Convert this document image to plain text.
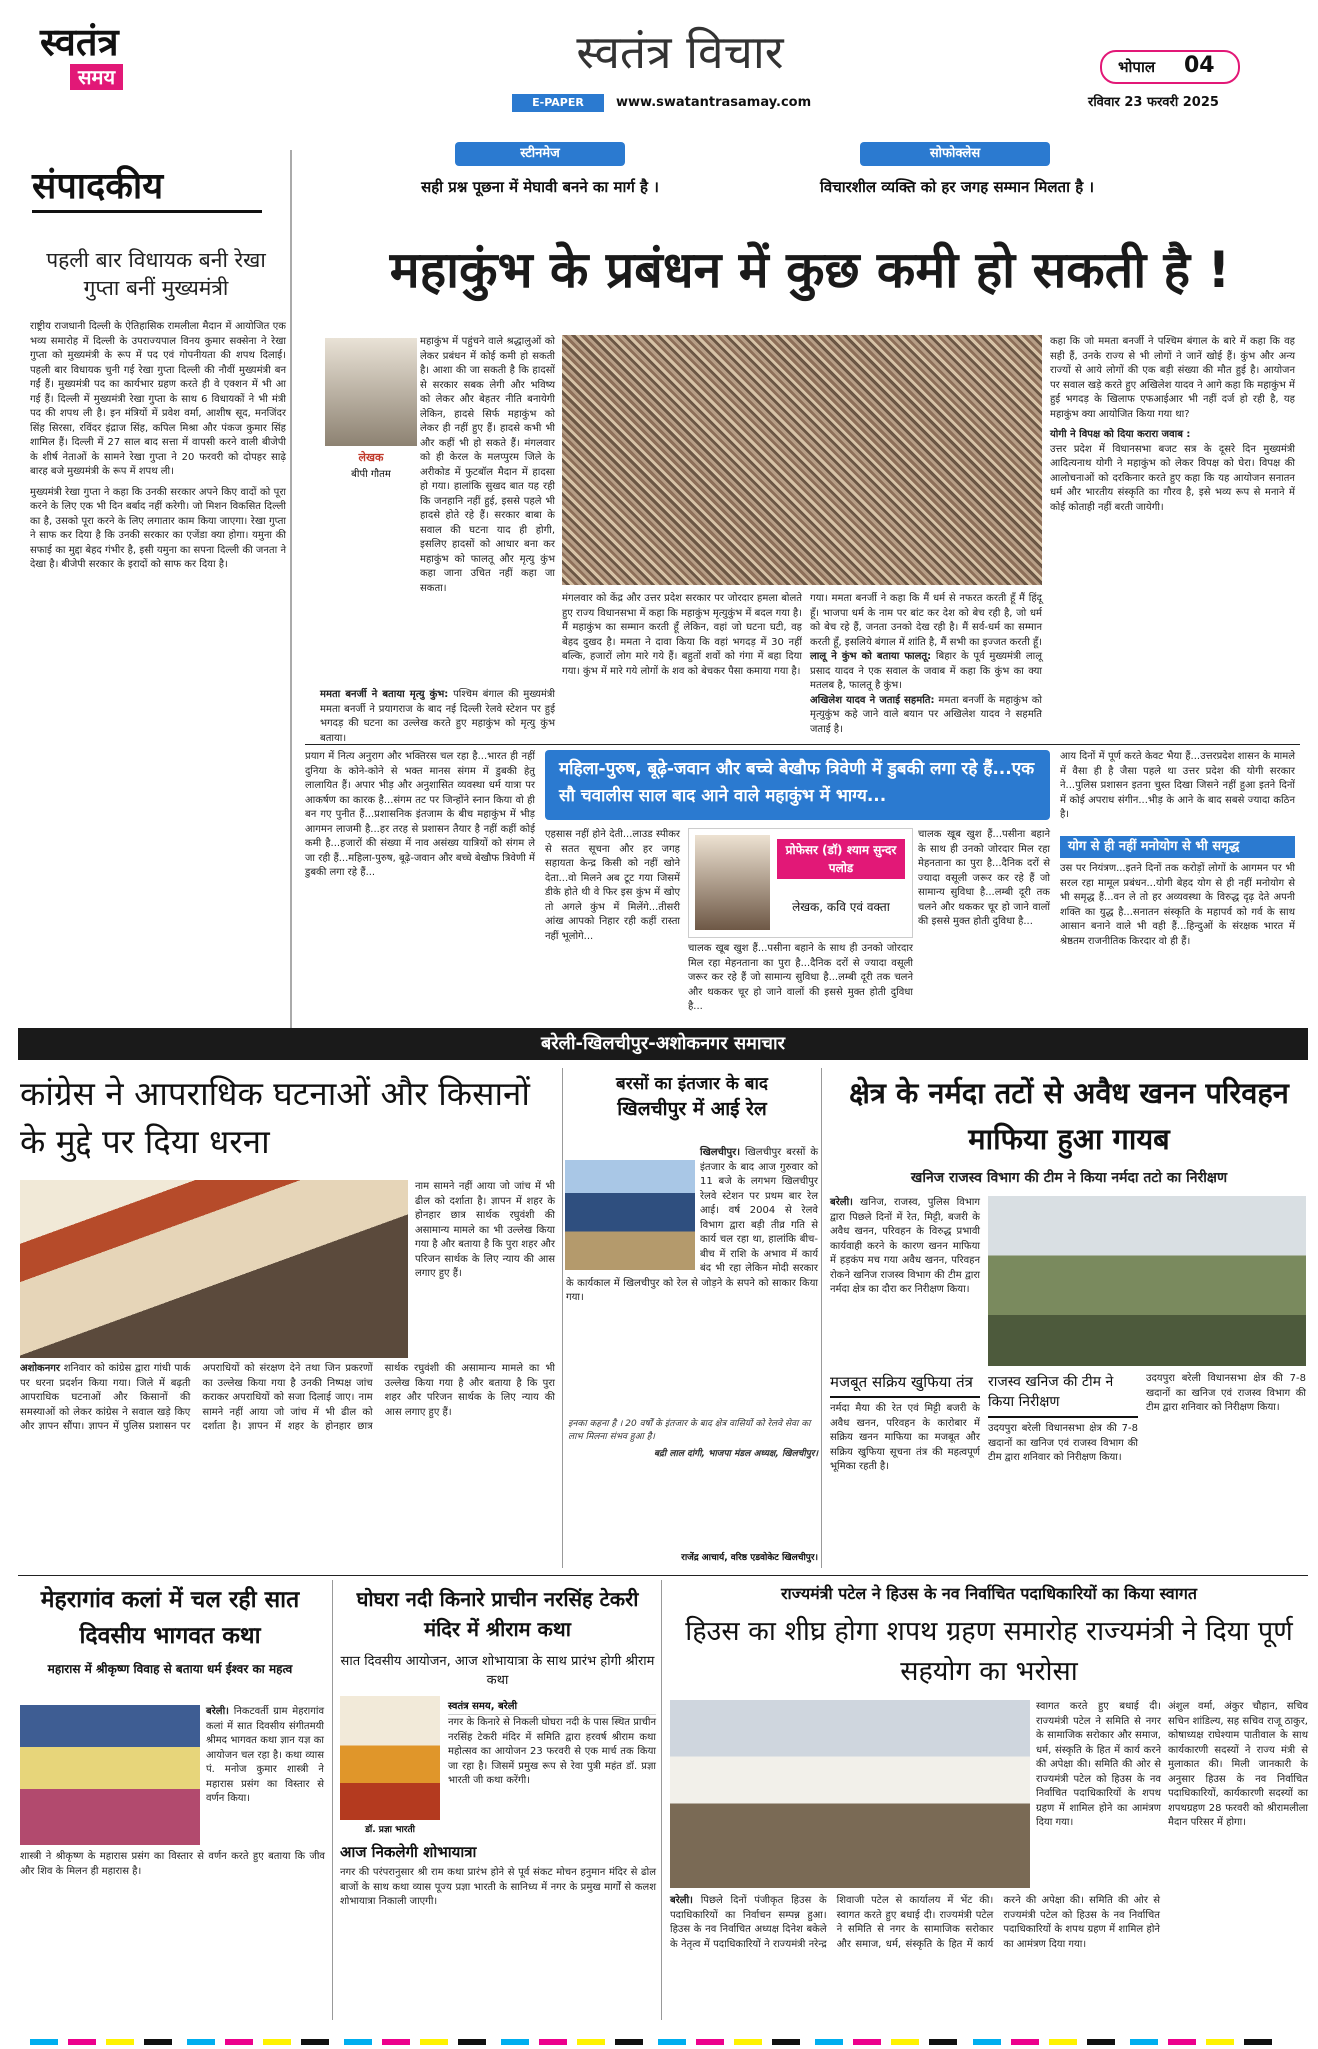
स्वतंत्र
समय	स्वतंत्र विचार
E-PAPER	www.swatantrasamay.com
भोपाल 04
रविवार 23 फरवरी 2025
संपादकीय
पहली बार विधायक बनी रेखा गुप्ता बनीं मुख्यमंत्री

राष्ट्रीय राजधानी दिल्ली के ऐतिहासिक रामलीला मैदान में आयोजित एक भव्य समारोह में दिल्ली के उपराज्यपाल विनय कुमार सक्सेना ने रेखा गुप्ता को मुख्यमंत्री के रूप में पद एवं गोपनीयता की शपथ दिलाई। पहली बार विधायक चुनी गई रेखा गुप्ता दिल्ली की नौवीं मुख्यमंत्री बन गईं हैं। मुख्यमंत्री पद का कार्यभार ग्रहण करते ही वे एक्शन में भी आ गई हैं। दिल्ली में मुख्यमंत्री रेखा गुप्ता के साथ 6 विधायकों ने भी मंत्री पद की शपथ ली है। इन मंत्रियों में प्रवेश वर्मा, आशीष सूद, मनजिंदर सिंह सिरसा, रविंदर इंद्राज सिंह, कपिल मिश्रा और पंकज कुमार सिंह शामिल हैं। दिल्ली में 27 साल बाद सत्ता में वापसी करने वाली बीजेपी के शीर्ष नेताओं के सामने रेखा गुप्ता ने 20 फरवरी को दोपहर साढ़े बारह बजे मुख्यमंत्री के रूप में शपथ ली।

मुख्यमंत्री रेखा गुप्ता ने कहा कि उनकी सरकार अपने किए वादों को पूरा करने के लिए एक भी दिन बर्बाद नहीं करेगी। जो मिशन विकसित दिल्ली का है, उसको पूरा करने के लिए लगातार काम किया जाएगा। रेखा गुप्ता ने साफ कर दिया है कि उनकी सरकार का एजेंडा क्या होगा। यमुना की सफाई का मुद्दा बेहद गंभीर है, इसी यमुना का सपना दिल्ली की जनता ने देखा है। बीजेपी सरकार के इरादों को साफ कर दिया है।

स्टीनमेज
सही प्रश्न पूछना में मेघावी बनने का मार्ग है ।
सोफोक्लेस
विचारशील व्यक्ति को हर जगह सम्मान मिलता है ।
महाकुंभ के प्रबंधन में कुछ कमी हो सकती है !
लेखक
बीपी गौतम
महाकुंभ में पहुंचने वाले श्रद्धालुओं को लेकर प्रबंधन में कोई कमी हो सकती है। आशा की जा सकती है कि हादसों से सरकार सबक लेगी और भविष्य को लेकर और बेहतर नीति बनायेगी लेकिन, हादसे सिर्फ महाकुंभ को लेकर ही नहीं हुए हैं। हादसे कभी भी और कहीं भी हो सकते हैं। मंगलवार को ही केरल के मलप्पुरम जिले के अरीकोड में फुटबॉल मैदान में हादसा हो गया। हालांकि सुखद बात यह रही कि जनहानि नहीं हुई, इससे पहले भी हादसे होते रहे हैं। सरकार बाबा के सवाल की घटना याद ही होगी, इसलिए हादसों को आधार बना कर महाकुंभ को फालतू और मृत्यु कुंभ कहा जाना उचित नहीं कहा जा सकता।
ममता बनर्जी ने बताया मृत्यु कुंभ: पश्चिम बंगाल की मुख्यमंत्री ममता बनर्जी ने प्रयागराज के बाद नई दिल्ली रेलवे स्टेशन पर हुई भगदड़ की घटना का उल्लेख करते हुए महाकुंभ को मृत्यु कुंभ बताया।
मंगलवार को केंद्र और उत्तर प्रदेश सरकार पर जोरदार हमला बोलते हुए राज्य विधानसभा में कहा कि महाकुंभ मृत्युकुंभ में बदल गया है। मैं महाकुंभ का सम्मान करती हूँ लेकिन, वहां जो घटना घटी, वह बेहद दुखद है। ममता ने दावा किया कि वहां भगदड़ में 30 नहीं बल्कि, हजारों लोग मारे गये हैं। बहुतों शवों को गंगा में बहा दिया गया। कुंभ में मारे गये लोगों के शव को बेचकर पैसा कमाया गया है।
गया। ममता बनर्जी ने कहा कि मैं धर्म से नफरत करती हूँ मैं हिंदू हूँ। भाजपा धर्म के नाम पर बांट कर देश को बेच रही है, जो धर्म को बेच रहे हैं, जनता उनको देख रही है। मैं सर्व-धर्म का सम्मान करती हूँ, इसलिये बंगाल में शांति है, मैं सभी का इज्जत करती हूँ।
लालू ने कुंभ को बताया फालतू: बिहार के पूर्व मुख्यमंत्री लालू प्रसाद यादव ने एक सवाल के जवाब में कहा कि कुंभ का क्या मतलब है, फालतू है कुंभ।
अखिलेश यादव ने जताई सहमति: ममता बनर्जी के महाकुंभ को मृत्युकुंभ कहे जाने वाले बयान पर अखिलेश यादव ने सहमति जताई है।

कहा कि जो ममता बनर्जी ने पश्चिम बंगाल के बारे में कहा कि वह सही हैं, उनके राज्य से भी लोगों ने जानें खोई हैं। कुंभ और अन्य राज्यों से आये लोगों की एक बड़ी संख्या की मौत हुई है। आयोजन पर सवाल खड़े करते हुए अखिलेश यादव ने आगे कहा कि महाकुंभ में हुई भगदड़ के खिलाफ एफआईआर भी नहीं दर्ज हो रही है, यह महाकुंभ क्या आयोजित किया गया था?

योगी ने विपक्ष को दिया करारा जवाब :

उत्तर प्रदेश में विधानसभा बजट सत्र के दूसरे दिन मुख्यमंत्री आदित्यनाथ योगी ने महाकुंभ को लेकर विपक्ष को घेरा। विपक्ष की आलोचनाओं को दरकिनार करते हुए कहा कि यह आयोजन सनातन धर्म और भारतीय संस्कृति का गौरव है, इसे भव्य रूप से मनाने में कोई कोताही नहीं बरती जायेगी।

प्रयाग में नित्य अनुराग और भक्तिरस चल रहा है...भारत ही नहीं दुनिया के कोने-कोने से भक्त मानस संगम में डुबकी हेतु लालायित हैं। अपार भीड़ और अनुशासित व्यवस्था धर्म यात्रा पर आकर्षण का कारक है...संगम तट पर जिन्होंने स्नान किया वो ही बन गए पुनीत हैं...प्रशासनिक इंतजाम के बीच महाकुंभ में भीड़ आगमन लाजमी है...हर तरह से प्रशासन तैयार है नहीं कहीं कोई कमी है...हजारों की संख्या में नाव असंख्य यात्रियों को संगम ले जा रही हैं...महिला-पुरुष, बूढ़े-जवान और बच्चे बेखौफ त्रिवेणी में डुबकी लगा रहे हैं...
महिला-पुरुष, बूढ़े-जवान और बच्चे बेखौफ त्रिवेणी में डुबकी लगा रहे हैं...एक सौ चवालीस साल बाद आने वाले महाकुंभ में भाग्य...
एहसास नहीं होने देती...लाउड स्पीकर से सतत सूचना और हर जगह सहायता केन्द्र किसी को नहीं खोने देता...वो मिलने अब टूट गया जिसमें डीके होते थी वे फिर इस कुंभ में खोए तो अगले कुंभ में मिलेंगे...तीसरी आंख आपको निहार रही कहीं रास्ता नहीं भूलोगे...
प्रोफेसर (डॉ) श्याम सुन्दर पलोड
लेखक, कवि एवं वक्ता
चालक खूब खुश हैं...पसीना बहाने के साथ ही उनको जोरदार मिल रहा मेहनताना का पुरा है...दैनिक दरों से ज्यादा वसूली जरूर कर रहे हैं जो सामान्य सुविधा है...लम्बी दूरी तक चलने और थककर चूर हो जाने वालों की इससे मुक्त होती दुविधा है...
चालक खूब खुश हैं...पसीना बहाने के साथ ही उनको जोरदार मिल रहा मेहनताना का पुरा है...दैनिक दरों से ज्यादा वसूली जरूर कर रहे हैं जो सामान्य सुविधा है...लम्बी दूरी तक चलने और थककर चूर हो जाने वालों की इससे मुक्त होती दुविधा है...
आय दिनों में पूर्ण करते केवट भैया हैं...उत्तरप्रदेश शासन के मामले में वैसा ही है जैसा पहले था उत्तर प्रदेश की योगी सरकार ने...पुलिस प्रशासन इतना चुस्त दिखा जिसने नहीं हुआ इतने दिनों में कोई अपराध संगीन...भीड़ के आने के बाद सबसे ज्यादा कठिन है।
योग से ही नहीं मनोयोग से भी समृद्ध
उस पर नियंत्रण...इतने दिनों तक करोड़ों लोगों के आगमन पर भी सरल रहा मामूल प्रबंधन...योगी बेहद योग से ही नहीं मनोयोग से भी समृद्ध हैं...वन ले तो हर अव्यवस्था के विरुद्ध दृढ़ देते अपनी शक्ति का युद्ध है...सनातन संस्कृति के महापर्व को गर्व के साथ आसान बनाने वाले भी वही हैं...हिन्दुओं के संरक्षक भारत में श्रेष्ठतम राजनीतिक किरदार वो ही हैं।
बरेली-खिलचीपुर-अशोकनगर समाचार
कांग्रेस ने आपराधिक घटनाओं और किसानों के मुद्दे पर दिया धरना
नाम सामने नहीं आया जो जांच में भी ढील को दर्शाता है। ज्ञापन में शहर के होनहार छात्र सार्थक रघुवंशी की असामान्य मामले का भी उल्लेख किया गया है और बताया है कि पुरा शहर और परिजन सार्थक के लिए न्याय की आस लगाए हुए हैं।
अशोकनगर शनिवार को कांग्रेस द्वारा गांधी पार्क पर धरना प्रदर्शन किया गया। जिले में बढ़ती आपराधिक घटनाओं और किसानों की समस्याओं को लेकर कांग्रेस ने सवाल खड़े किए और ज्ञापन सौंपा। ज्ञापन में पुलिस प्रशासन पर अपराधियों को संरक्षण देने तथा जिन प्रकरणों का उल्लेख किया गया है उनकी निष्पक्ष जांच कराकर अपराधियों को सजा दिलाई जाए। नाम सामने नहीं आया जो जांच में भी ढील को दर्शाता है। ज्ञापन में शहर के होनहार छात्र सार्थक रघुवंशी की असामान्य मामले का भी उल्लेख किया गया है और बताया है कि पुरा शहर और परिजन सार्थक के लिए न्याय की आस लगाए हुए हैं।
बरसों का इंतजार के बाद
खिलचीपुर में आई रेल
खिलचीपुर। खिलचीपुर बरसों के इंतजार के बाद आज गुरुवार को 11 बजे के लगभग खिलचीपुर रेलवे स्टेशन पर प्रथम बार रेल आई। वर्ष 2004 से रेलवे विभाग द्वारा बड़ी तीव्र गति से कार्य चल रहा था, हालांकि बीच-बीच में राशि के अभाव में कार्य बंद भी रहा लेकिन मोदी सरकार के कार्यकाल में खिलचीपुर को रेल से जोड़ने के सपने को साकार किया गया।

इनका कहना है । 20 वर्षों के इंतजार के बाद क्षेत्र वासियों को रेलवे सेवा का लाभ मिलना संभव हुआ है।

बद्री लाल दांगी, भाजपा मंडल अध्यक्ष, खिलचीपुर।

राजेंद्र आचार्य, वरिष्ठ एडवोकेट खिलचीपुर।
क्षेत्र के नर्मदा तटों से अवैध खनन परिवहन माफिया हुआ गायब
खनिज राजस्व विभाग की टीम ने किया नर्मदा तटो का निरीक्षण
बरेली। खनिज, राजस्व, पुलिस विभाग द्वारा पिछले दिनों में रेत, मिट्टी, बजरी के अवैध खनन, परिवहन के विरुद्ध प्रभावी कार्यवाही करने के कारण खनन माफिया में हड़कंप मच गया अवैध खनन, परिवहन रोकने खनिज राजस्व विभाग की टीम द्वारा नर्मदा क्षेत्र का दौरा कर निरीक्षण किया।
मजबूत सक्रिय खुफिया तंत्र
नर्मदा मैया की रेत एवं मिट्टी बजरी के अवैध खनन, परिवहन के कारोबार में सक्रिय खनन माफिया का मजबूत और सक्रिय खुफिया सूचना तंत्र की महत्वपूर्ण भूमिका रहती है।
राजस्व खनिज की टीम ने किया निरीक्षण
उदयपुरा बरेली विधानसभा क्षेत्र की 7-8 खदानों का खनिज एवं राजस्व विभाग की टीम द्वारा शनिवार को निरीक्षण किया।
उदयपुरा बरेली विधानसभा क्षेत्र की 7-8 खदानों का खनिज एवं राजस्व विभाग की टीम द्वारा शनिवार को निरीक्षण किया।
मेहरागांव कलां में चल रही सात दिवसीय भागवत कथा
महारास में श्रीकृष्ण विवाह से बताया धर्म ईश्वर का महत्व
बरेली। निकटवर्ती ग्राम मेहरागांव कलां में सात दिवसीय संगीतमयी श्रीमद भागवत कथा ज्ञान यज्ञ का आयोजन चल रहा है। कथा व्यास पं. मनोज कुमार शास्त्री ने महारास प्रसंग का विस्तार से वर्णन किया।
शास्त्री ने श्रीकृष्ण के महारास प्रसंग का विस्तार से वर्णन करते हुए बताया कि जीव और शिव के मिलन ही महारास है।
घोघरा नदी किनारे प्राचीन नरसिंह टेकरी मंदिर में श्रीराम कथा
सात दिवसीय आयोजन, आज शोभायात्रा के साथ प्रारंभ होगी श्रीराम कथा
डॉ. प्रज्ञा भारती
स्वतंत्र समय, बरेली
नगर के किनारे से निकली घोघरा नदी के पास स्थित प्राचीन नरसिंह टेकरी मंदिर में समिति द्वारा हरवर्ष श्रीराम कथा महोत्सव का आयोजन 23 फरवरी से एक मार्च तक किया जा रहा है। जिसमें प्रमुख रूप से रेवा पुत्री महंत डॉ. प्रज्ञा भारती जी कथा करेंगी।
आज निकलेगी शोभायात्रा
नगर की परंपरानुसार श्री राम कथा प्रारंभ होने से पूर्व संकट मोचन हनुमान मंदिर से ढोल बाजों के साथ कथा व्यास पूज्य प्रज्ञा भारती के सानिध्य में नगर के प्रमुख मार्गों से कलश शोभायात्रा निकाली जाएगी।
राज्यमंत्री पटेल ने हिउस के नव निर्वाचित पदाधिकारियों का किया स्वागत
हिउस का शीघ्र होगा शपथ ग्रहण समारोह राज्यमंत्री ने दिया पूर्ण सहयोग का भरोसा
स्वागत करते हुए बधाई दी। राज्यमंत्री पटेल ने समिति से नगर के सामाजिक सरोकार और समाज, धर्म, संस्कृति के हित में कार्य करने की अपेक्षा की। समिति की ओर से राज्यमंत्री पटेल को हिउस के नव निर्वाचित पदाधिकारियों के शपथ ग्रहण में शामिल होने का आमंत्रण दिया गया।
अंशुल वर्मा, अंकुर चौहान, सचिव सचिन शांडिल्य, सह सचिव राजू ठाकुर, कोषाध्यक्ष राघेश्याम पातीवाल के साथ कार्यकारणी सदस्यों ने राज्य मंत्री से मुलाकात की। मिली जानकारी के अनुसार हिउस के नव निर्वाचित पदाधिकारियों, कार्यकारणी सदस्यों का शपथग्रहण 28 फरवरी को श्रीरामलीला मैदान परिसर में होगा।
बरेली। पिछले दिनों पंजीकृत हिउस के पदाधिकारियों का निर्वाचन सम्पन्न हुआ। हिउस के नव निर्वाचित अध्यक्ष दिनेश बकेले के नेतृत्व में पदाधिकारियों ने राज्यमंत्री नरेन्द्र शिवाजी पटेल से कार्यालय में भेंट की। स्वागत करते हुए बधाई दी। राज्यमंत्री पटेल ने समिति से नगर के सामाजिक सरोकार और समाज, धर्म, संस्कृति के हित में कार्य करने की अपेक्षा की। समिति की ओर से राज्यमंत्री पटेल को हिउस के नव निर्वाचित पदाधिकारियों के शपथ ग्रहण में शामिल होने का आमंत्रण दिया गया।
